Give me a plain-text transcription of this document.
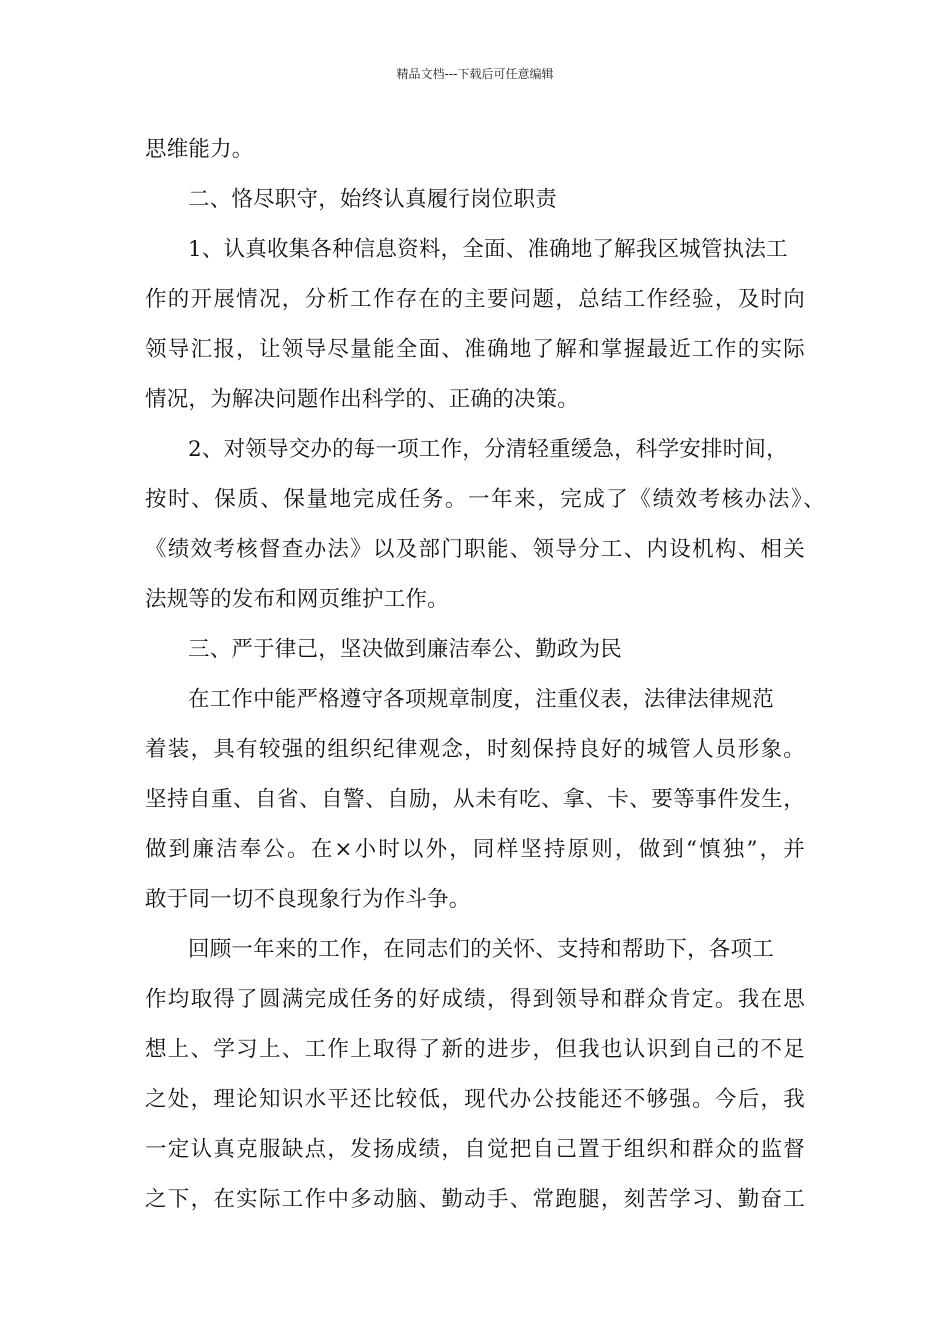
精品文档---下载后可任意编辑
思维能力。
二、恪尽职守，始终认真履行岗位职责
1、认真收集各种信息资料，全面、准确地了解我区城管执法工
作的开展情况，分析工作存在的主要问题，总结工作经验，及时向
领导汇报，让领导尽量能全面、准确地了解和掌握最近工作的实际
情况，为解决问题作出科学的、正确的决策。
2、对领导交办的每一项工作，分清轻重缓急，科学安排时间，
按时、保质、保量地完成任务。一年来，完成了《绩效考核办法》、
《绩效考核督查办法》以及部门职能、领导分工、内设机构、相关
法规等的发布和网页维护工作。
三、严于律己，坚决做到廉洁奉公、勤政为民
在工作中能严格遵守各项规章制度，注重仪表，法律法律规范
着装，具有较强的组织纪律观念，时刻保持良好的城管人员形象。
坚持自重、自省、自警、自励，从未有吃、拿、卡、要等事件发生，
做到廉洁奉公。在×小时以外，同样坚持原则，做到“慎独”，并
敢于同一切不良现象行为作斗争。
回顾一年来的工作，在同志们的关怀、支持和帮助下，各项工
作均取得了圆满完成任务的好成绩，得到领导和群众肯定。我在思
想上、学习上、工作上取得了新的进步，但我也认识到自己的不足
之处，理论知识水平还比较低，现代办公技能还不够强。今后，我
一定认真克服缺点，发扬成绩，自觉把自己置于组织和群众的监督
之下，在实际工作中多动脑、勤动手、常跑腿，刻苦学习、勤奋工
